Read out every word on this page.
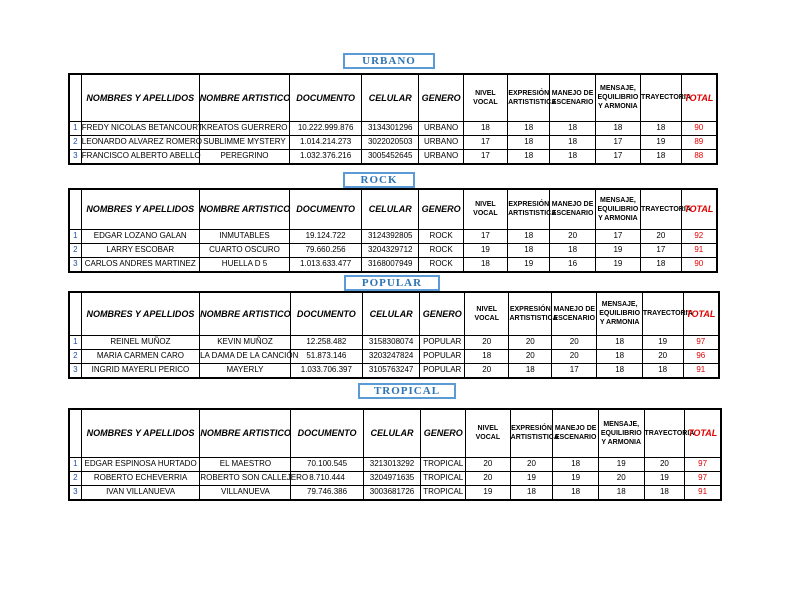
URBANO
	NOMBRES Y APELLIDOS	NOMBRE ARTISTICO	DOCUMENTO	CELULAR	GENERO	NIVEL VOCAL	EXPRESIÓN ARTISTISTICA	MANEJO DE ESCENARIO	MENSAJE, EQUILIBRIO Y ARMONIA	TRAYECTORIA	TOTAL
1	FREDY NICOLAS BETANCOURT	KREATOS GUERRERO	10.222.999.876	3134301296	URBANO	18	18	18	18	18	90
2	LEONARDO ALVAREZ ROMERO	SUBLIMME MYSTERY	1.014.214.273	3022020503	URBANO	17	18	18	17	19	89
3	FRANCISCO ALBERTO ABELLO	PEREGRINO	1.032.376.216	3005452645	URBANO	17	18	18	17	18	88
ROCK
	NOMBRES Y APELLIDOS	NOMBRE ARTISTICO	DOCUMENTO	CELULAR	GENERO	NIVEL VOCAL	EXPRESIÓN ARTISTISTICA	MANEJO DE ESCENARIO	MENSAJE, EQUILIBRIO Y ARMONIA	TRAYECTORIA	TOTAL
1	EDGAR LOZANO GALAN	INMUTABLES	19.124.722	3124392805	ROCK	17	18	20	17	20	92
2	LARRY ESCOBAR	CUARTO OSCURO	79.660.256	3204329712	ROCK	19	18	18	19	17	91
3	CARLOS ANDRES MARTINEZ	HUELLA D 5	1.013.633.477	3168007949	ROCK	18	19	16	19	18	90
POPULAR
	NOMBRES Y APELLIDOS	NOMBRE ARTISTICO	DOCUMENTO	CELULAR	GENERO	NIVEL VOCAL	EXPRESIÓN ARTISTISTICA	MANEJO DE ESCENARIO	MENSAJE, EQUILIBRIO Y ARMONIA	TRAYECTORIA	TOTAL
1	REINEL MUÑOZ	KEVIN MUÑOZ	12.258.482	3158308074	POPULAR	20	20	20	18	19	97
2	MARIA CARMEN CARO	LA DAMA DE LA CANCIÓN	51.873.146	3203247824	POPULAR	18	20	20	18	20	96
3	INGRID MAYERLI PERICO	MAYERLY	1.033.706.397	3105763247	POPULAR	20	18	17	18	18	91
TROPICAL
	NOMBRES Y APELLIDOS	NOMBRE ARTISTICO	DOCUMENTO	CELULAR	GENERO	NIVEL VOCAL	EXPRESIÓN ARTISTISTICA	MANEJO DE ESCENARIO	MENSAJE, EQUILIBRIO Y ARMONIA	TRAYECTORIA	TOTAL
1	EDGAR ESPINOSA HURTADO	EL MAESTRO	70.100.545	3213013292	TROPICAL	20	20	18	19	20	97
2	ROBERTO ECHEVERRIA	ROBERTO SON CALLEJERO	8.710.444	3204971635	TROPICAL	20	19	19	20	19	97
3	IVAN VILLANUEVA	VILLANUEVA	79.746.386	3003681726	TROPICAL	19	18	18	18	18	91
